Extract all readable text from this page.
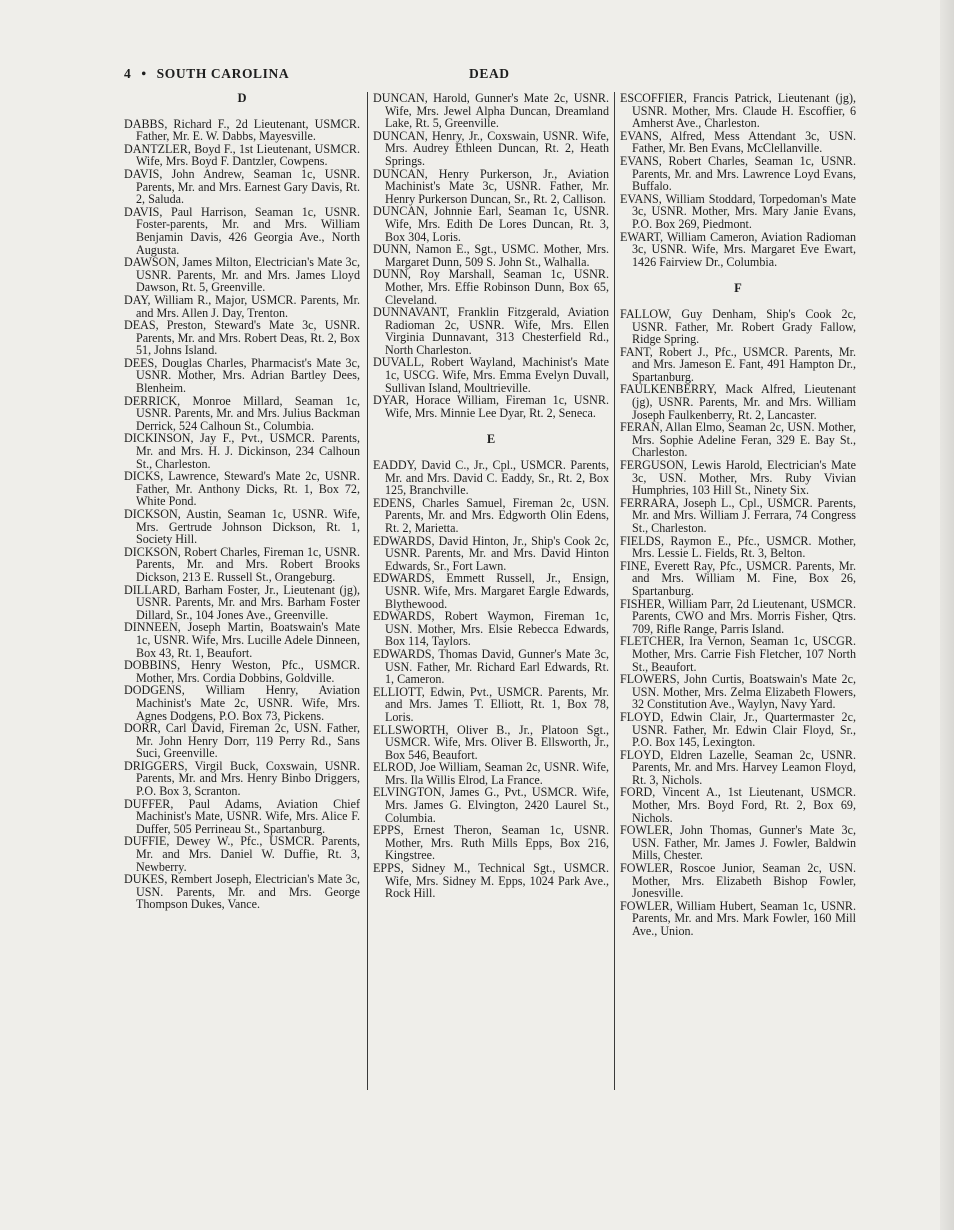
4 • SOUTH CAROLINA	DEAD

D

DABBS, Richard F., 2d Lieutenant, USMCR. Father, Mr. E. W. Dabbs, Mayesville.

DANTZLER, Boyd F., 1st Lieutenant, USMCR. Wife, Mrs. Boyd F. Dantzler, Cowpens.

DAVIS, John Andrew, Seaman 1c, USNR. Parents, Mr. and Mrs. Earnest Gary Davis, Rt. 2, Saluda.

DAVIS, Paul Harrison, Seaman 1c, USNR. Foster-parents, Mr. and Mrs. William Benjamin Davis, 426 Georgia Ave., North Augusta.

DAWSON, James Milton, Electrician's Mate 3c, USNR. Parents, Mr. and Mrs. James Lloyd Dawson, Rt. 5, Greenville.

DAY, William R., Major, USMCR. Parents, Mr. and Mrs. Allen J. Day, Trenton.

DEAS, Preston, Steward's Mate 3c, USNR. Parents, Mr. and Mrs. Robert Deas, Rt. 2, Box 51, Johns Island.

DEES, Douglas Charles, Pharmacist's Mate 3c, USNR. Mother, Mrs. Adrian Bartley Dees, Blenheim.

DERRICK, Monroe Millard, Seaman 1c, USNR. Parents, Mr. and Mrs. Julius Backman Derrick, 524 Calhoun St., Columbia.

DICKINSON, Jay F., Pvt., USMCR. Parents, Mr. and Mrs. H. J. Dickinson, 234 Calhoun St., Charleston.

DICKS, Lawrence, Steward's Mate 2c, USNR. Father, Mr. Anthony Dicks, Rt. 1, Box 72, White Pond.

DICKSON, Austin, Seaman 1c, USNR. Wife, Mrs. Gertrude Johnson Dickson, Rt. 1, Society Hill.

DICKSON, Robert Charles, Fireman 1c, USNR. Parents, Mr. and Mrs. Robert Brooks Dickson, 213 E. Russell St., Orangeburg.

DILLARD, Barham Foster, Jr., Lieutenant (jg), USNR. Parents, Mr. and Mrs. Barham Foster Dillard, Sr., 104 Jones Ave., Greenville.

DINNEEN, Joseph Martin, Boatswain's Mate 1c, USNR. Wife, Mrs. Lucille Adele Dinneen, Box 43, Rt. 1, Beaufort.

DOBBINS, Henry Weston, Pfc., USMCR. Mother, Mrs. Cordia Dobbins, Goldville.

DODGENS, William Henry, Aviation Machinist's Mate 2c, USNR. Wife, Mrs. Agnes Dodgens, P.O. Box 73, Pickens.

DORR, Carl David, Fireman 2c, USN. Father, Mr. John Henry Dorr, 119 Perry Rd., Sans Suci, Greenville.

DRIGGERS, Virgil Buck, Coxswain, USNR. Parents, Mr. and Mrs. Henry Binbo Driggers, P.O. Box 3, Scranton.

DUFFER, Paul Adams, Aviation Chief Machinist's Mate, USNR. Wife, Mrs. Alice F. Duffer, 505 Perrineau St., Spartanburg.

DUFFIE, Dewey W., Pfc., USMCR. Parents, Mr. and Mrs. Daniel W. Duffie, Rt. 3, Newberry.

DUKES, Rembert Joseph, Electrician's Mate 3c, USN. Parents, Mr. and Mrs. George Thompson Dukes, Vance.

DUNCAN, Harold, Gunner's Mate 2c, USNR. Wife, Mrs. Jewel Alpha Duncan, Dreamland Lake, Rt. 5, Greenville.

DUNCAN, Henry, Jr., Coxswain, USNR. Wife, Mrs. Audrey Ethleen Duncan, Rt. 2, Heath Springs.

DUNCAN, Henry Purkerson, Jr., Aviation Machinist's Mate 3c, USNR. Father, Mr. Henry Purkerson Duncan, Sr., Rt. 2, Callison.

DUNCAN, Johnnie Earl, Seaman 1c, USNR. Wife, Mrs. Edith De Lores Duncan, Rt. 3, Box 304, Loris.

DUNN, Namon E., Sgt., USMC. Mother, Mrs. Margaret Dunn, 509 S. John St., Walhalla.

DUNN, Roy Marshall, Seaman 1c, USNR. Mother, Mrs. Effie Robinson Dunn, Box 65, Cleveland.

DUNNAVANT, Franklin Fitzgerald, Aviation Radioman 2c, USNR. Wife, Mrs. Ellen Virginia Dunnavant, 313 Chesterfield Rd., North Charleston.

DUVALL, Robert Wayland, Machinist's Mate 1c, USCG. Wife, Mrs. Emma Evelyn Duvall, Sullivan Island, Moultrieville.

DYAR, Horace William, Fireman 1c, USNR. Wife, Mrs. Minnie Lee Dyar, Rt. 2, Seneca.

E

EADDY, David C., Jr., Cpl., USMCR. Parents, Mr. and Mrs. David C. Eaddy, Sr., Rt. 2, Box 125, Branchville.

EDENS, Charles Samuel, Fireman 2c, USN. Parents, Mr. and Mrs. Edgworth Olin Edens, Rt. 2, Marietta.

EDWARDS, David Hinton, Jr., Ship's Cook 2c, USNR. Parents, Mr. and Mrs. David Hinton Edwards, Sr., Fort Lawn.

EDWARDS, Emmett Russell, Jr., Ensign, USNR. Wife, Mrs. Margaret Eargle Edwards, Blythewood.

EDWARDS, Robert Waymon, Fireman 1c, USN. Mother, Mrs. Elsie Rebecca Edwards, Box 114, Taylors.

EDWARDS, Thomas David, Gunner's Mate 3c, USN. Father, Mr. Richard Earl Edwards, Rt. 1, Cameron.

ELLIOTT, Edwin, Pvt., USMCR. Parents, Mr. and Mrs. James T. Elliott, Rt. 1, Box 78, Loris.

ELLSWORTH, Oliver B., Jr., Platoon Sgt., USMCR. Wife, Mrs. Oliver B. Ellsworth, Jr., Box 546, Beaufort.

ELROD, Joe William, Seaman 2c, USNR. Wife, Mrs. Ila Willis Elrod, La France.

ELVINGTON, James G., Pvt., USMCR. Wife, Mrs. James G. Elvington, 2420 Laurel St., Columbia.

EPPS, Ernest Theron, Seaman 1c, USNR. Mother, Mrs. Ruth Mills Epps, Box 216, Kingstree.

EPPS, Sidney M., Technical Sgt., USMCR. Wife, Mrs. Sidney M. Epps, 1024 Park Ave., Rock Hill.

ESCOFFIER, Francis Patrick, Lieutenant (jg), USNR. Mother, Mrs. Claude H. Escoffier, 6 Amherst Ave., Charleston.

EVANS, Alfred, Mess Attendant 3c, USN. Father, Mr. Ben Evans, McClellanville.

EVANS, Robert Charles, Seaman 1c, USNR. Parents, Mr. and Mrs. Lawrence Loyd Evans, Buffalo.

EVANS, William Stoddard, Torpedoman's Mate 3c, USNR. Mother, Mrs. Mary Janie Evans, P.O. Box 269, Piedmont.

EWART, William Cameron, Aviation Radioman 3c, USNR. Wife, Mrs. Margaret Eve Ewart, 1426 Fairview Dr., Columbia.

F

FALLOW, Guy Denham, Ship's Cook 2c, USNR. Father, Mr. Robert Grady Fallow, Ridge Spring.

FANT, Robert J., Pfc., USMCR. Parents, Mr. and Mrs. Jameson E. Fant, 491 Hampton Dr., Spartanburg.

FAULKENBERRY, Mack Alfred, Lieutenant (jg), USNR. Parents, Mr. and Mrs. William Joseph Faulkenberry, Rt. 2, Lancaster.

FERAN, Allan Elmo, Seaman 2c, USN. Mother, Mrs. Sophie Adeline Feran, 329 E. Bay St., Charleston.

FERGUSON, Lewis Harold, Electrician's Mate 3c, USN. Mother, Mrs. Ruby Vivian Humphries, 103 Hill St., Ninety Six.

FERRARA, Joseph L., Cpl., USMCR. Parents, Mr. and Mrs. William J. Ferrara, 74 Congress St., Charleston.

FIELDS, Raymon E., Pfc., USMCR. Mother, Mrs. Lessie L. Fields, Rt. 3, Belton.

FINE, Everett Ray, Pfc., USMCR. Parents, Mr. and Mrs. William M. Fine, Box 26, Spartanburg.

FISHER, William Parr, 2d Lieutenant, USMCR. Parents, CWO and Mrs. Morris Fisher, Qtrs. 709, Rifle Range, Parris Island.

FLETCHER, Ira Vernon, Seaman 1c, USCGR. Mother, Mrs. Carrie Fish Fletcher, 107 North St., Beaufort.

FLOWERS, John Curtis, Boatswain's Mate 2c, USN. Mother, Mrs. Zelma Elizabeth Flowers, 32 Constitution Ave., Waylyn, Navy Yard.

FLOYD, Edwin Clair, Jr., Quartermaster 2c, USNR. Father, Mr. Edwin Clair Floyd, Sr., P.O. Box 145, Lexington.

FLOYD, Eldren Lazelle, Seaman 2c, USNR. Parents, Mr. and Mrs. Harvey Leamon Floyd, Rt. 3, Nichols.

FORD, Vincent A., 1st Lieutenant, USMCR. Mother, Mrs. Boyd Ford, Rt. 2, Box 69, Nichols.

FOWLER, John Thomas, Gunner's Mate 3c, USN. Father, Mr. James J. Fowler, Baldwin Mills, Chester.

FOWLER, Roscoe Junior, Seaman 2c, USN. Mother, Mrs. Elizabeth Bishop Fowler, Jonesville.

FOWLER, William Hubert, Seaman 1c, USNR. Parents, Mr. and Mrs. Mark Fowler, 160 Mill Ave., Union.
